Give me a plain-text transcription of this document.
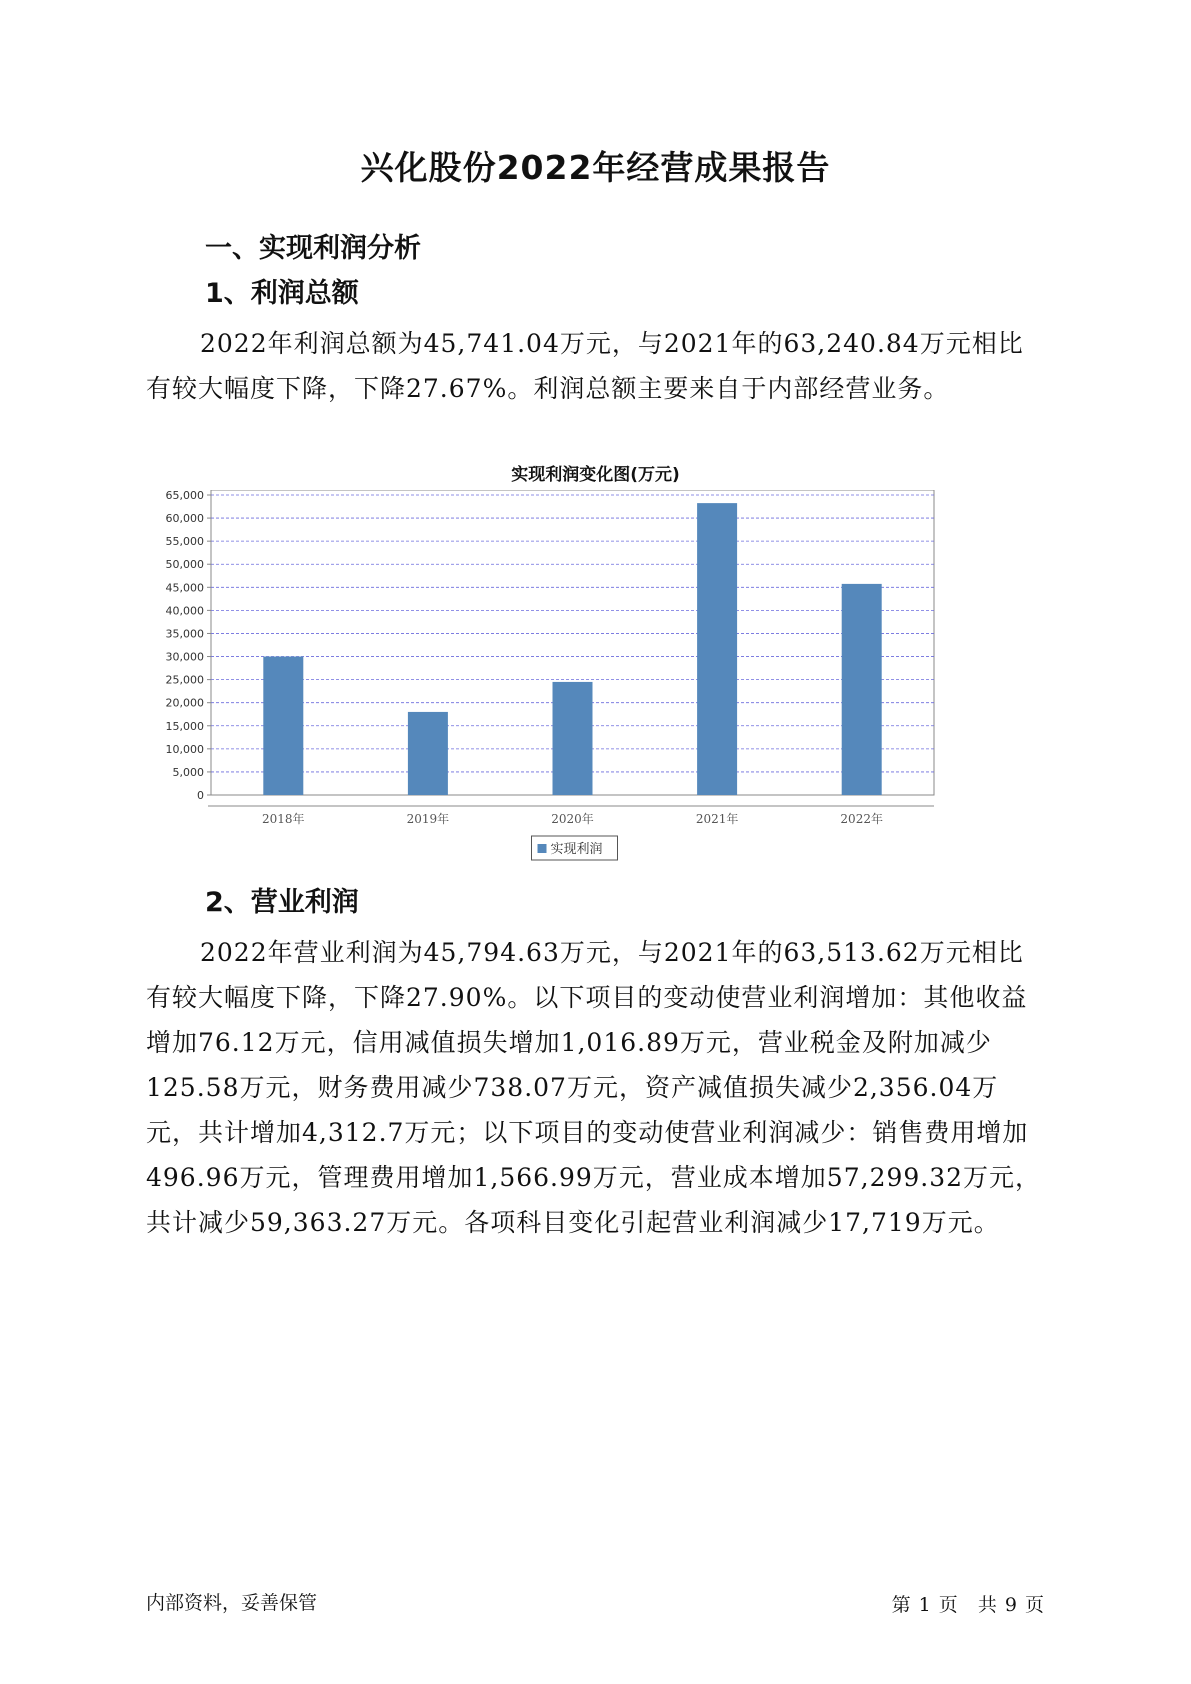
兴化股份2022年经营成果报告
一、实现利润分析
1、利润总额

2022年利润总额为45,741.04万元，与2021年的63,240.84万元相比有较大幅度下降，下降27.67%。利润总额主要来自于内部经营业务。

实现利润变化图(万元)
0
5,000
10,000
15,000
20,000
25,000
30,000
35,000
40,000
45,000
50,000
55,000
60,000
65,000
2018年	2019年	2020年	2021年	2022年
实现利润
2、营业利润

2022年营业利润为45,794.63万元，与2021年的63,513.62万元相比有较大幅度下降，下降27.90%。以下项目的变动使营业利润增加：其他收益增加76.12万元，信用减值损失增加1,016.89万元，营业税金及附加减少125.58万元，财务费用减少738.07万元，资产减值损失减少2,356.04万元，共计增加4,312.7万元；以下项目的变动使营业利润减少：销售费用增加496.96万元，管理费用增加1,566.99万元，营业成本增加57,299.32万元，共计减少59,363.27万元。各项科目变化引起营业利润减少17,719万元。

内部资料，妥善保管	第 1 页 共 9 页
